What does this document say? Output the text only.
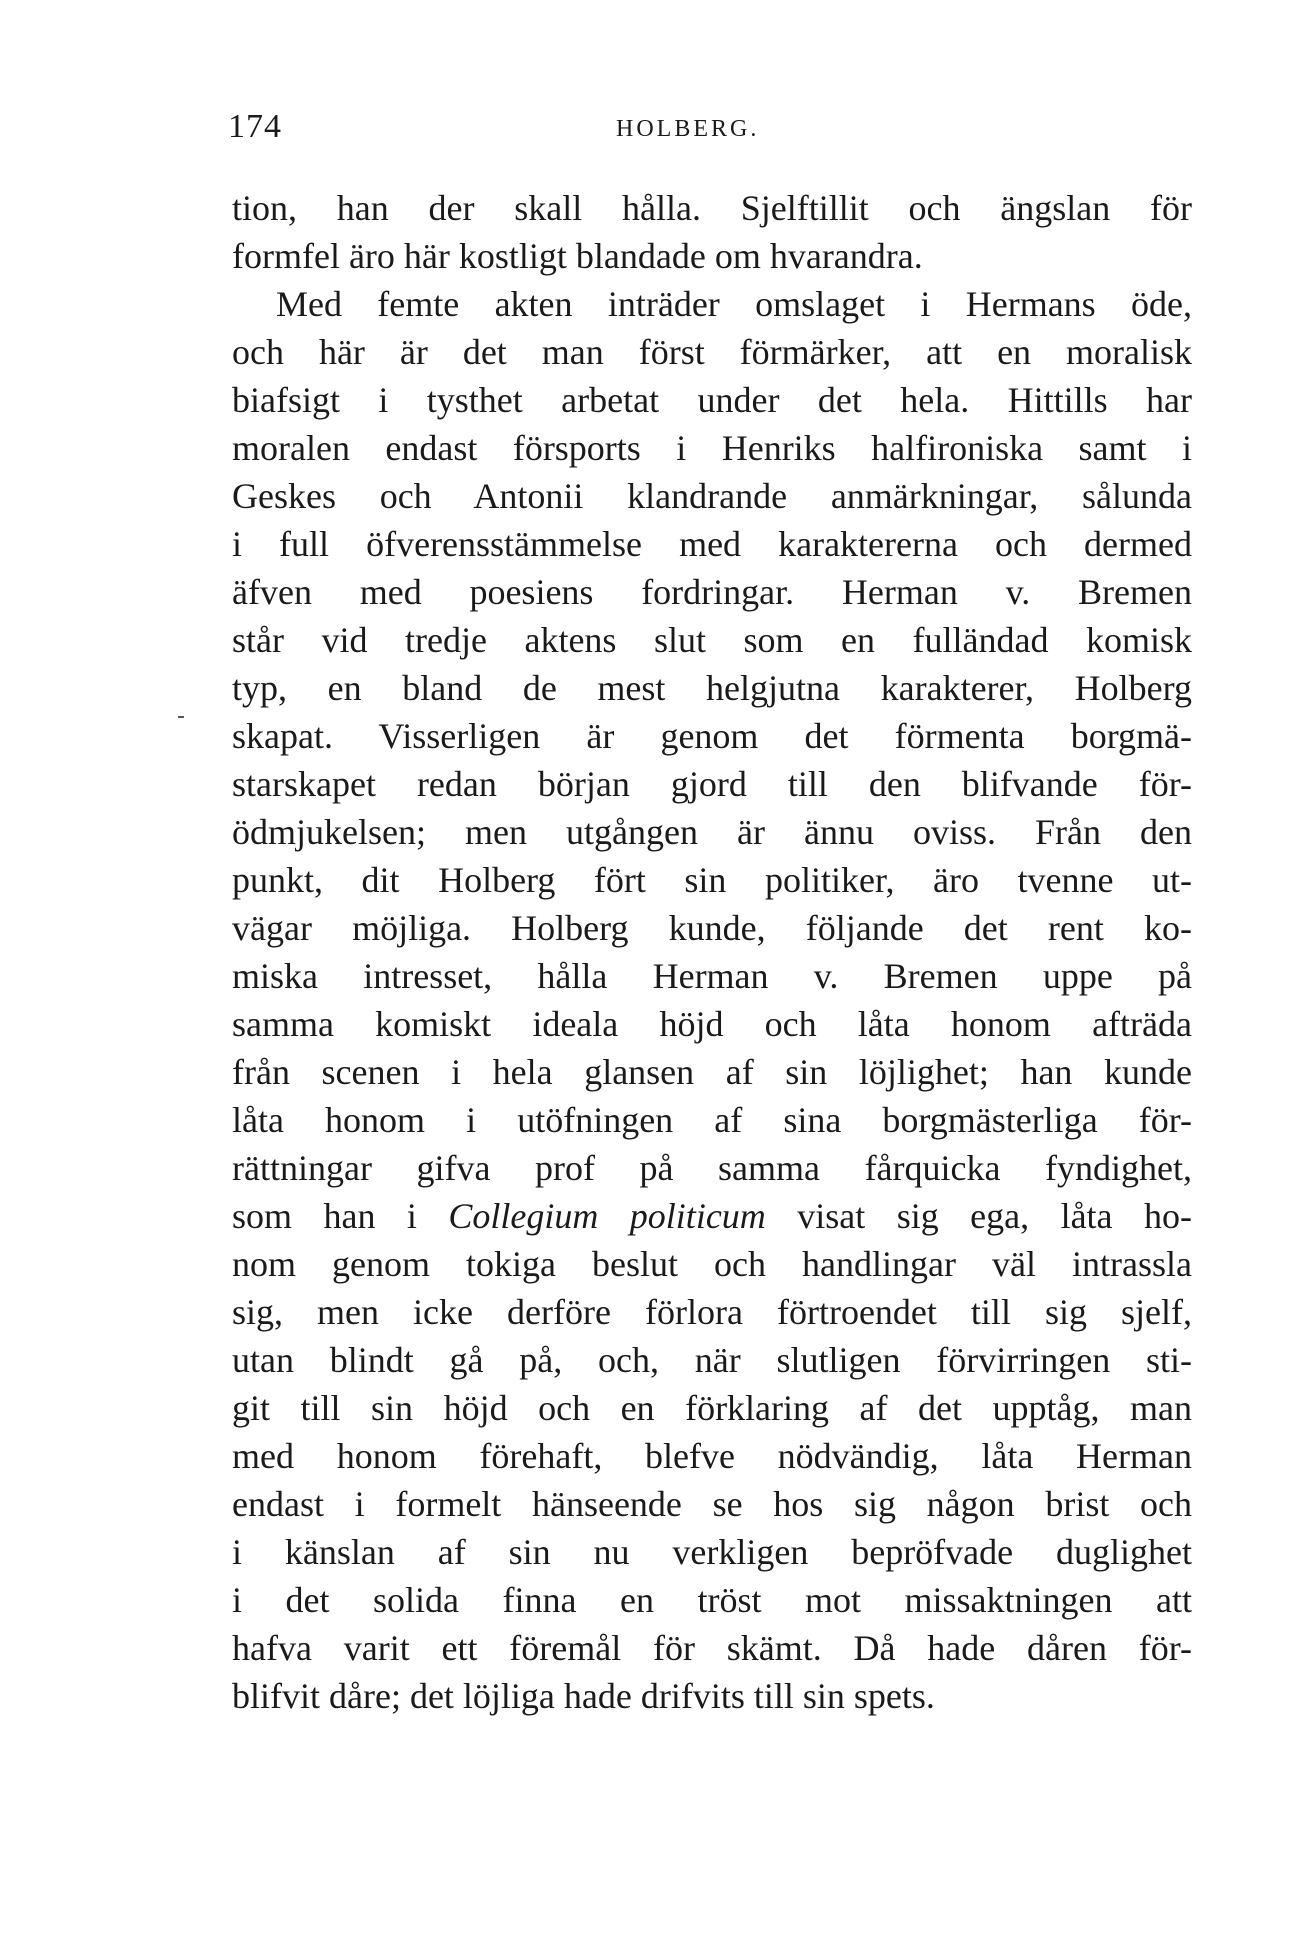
174	HOLBERG.
tion, han der skall hålla. Sjelftillit och ängslan för
formfel äro här kostligt blandade om hvarandra.
Med femte akten inträder omslaget i Hermans öde,
och här är det man först förmärker, att en moralisk
biafsigt i tysthet arbetat under det hela. Hittills har
moralen endast försports i Henriks halfironiska samt i
Geskes och Antonii klandrande anmärkningar, sålunda
i full öfverensstämmelse med karaktererna och dermed
äfven med poesiens fordringar. Herman v. Bremen
står vid tredje aktens slut som en fulländad komisk
typ, en bland de mest helgjutna karakterer, Holberg
skapat. Visserligen är genom det förmenta borgmä-
starskapet redan början gjord till den blifvande för-
ödmjukelsen; men utgången är ännu oviss. Från den
punkt, dit Holberg fört sin politiker, äro tvenne ut-
vägar möjliga. Holberg kunde, följande det rent ko-
miska intresset, hålla Herman v. Bremen uppe på
samma komiskt ideala höjd och låta honom afträda
från scenen i hela glansen af sin löjlighet; han kunde
låta honom i utöfningen af sina borgmästerliga för-
rättningar gifva prof på samma fårquicka fyndighet,
som han i Collegium politicum visat sig ega, låta ho-
nom genom tokiga beslut och handlingar väl intrassla
sig, men icke derföre förlora förtroendet till sig sjelf,
utan blindt gå på, och, när slutligen förvirringen sti-
git till sin höjd och en förklaring af det upptåg, man
med honom förehaft, blefve nödvändig, låta Herman
endast i formelt hänseende se hos sig någon brist och
i känslan af sin nu verkligen bepröfvade duglighet
i det solida finna en tröst mot missaktningen att
hafva varit ett föremål för skämt. Då hade dåren för-
blifvit dåre; det löjliga hade drifvits till sin spets.
